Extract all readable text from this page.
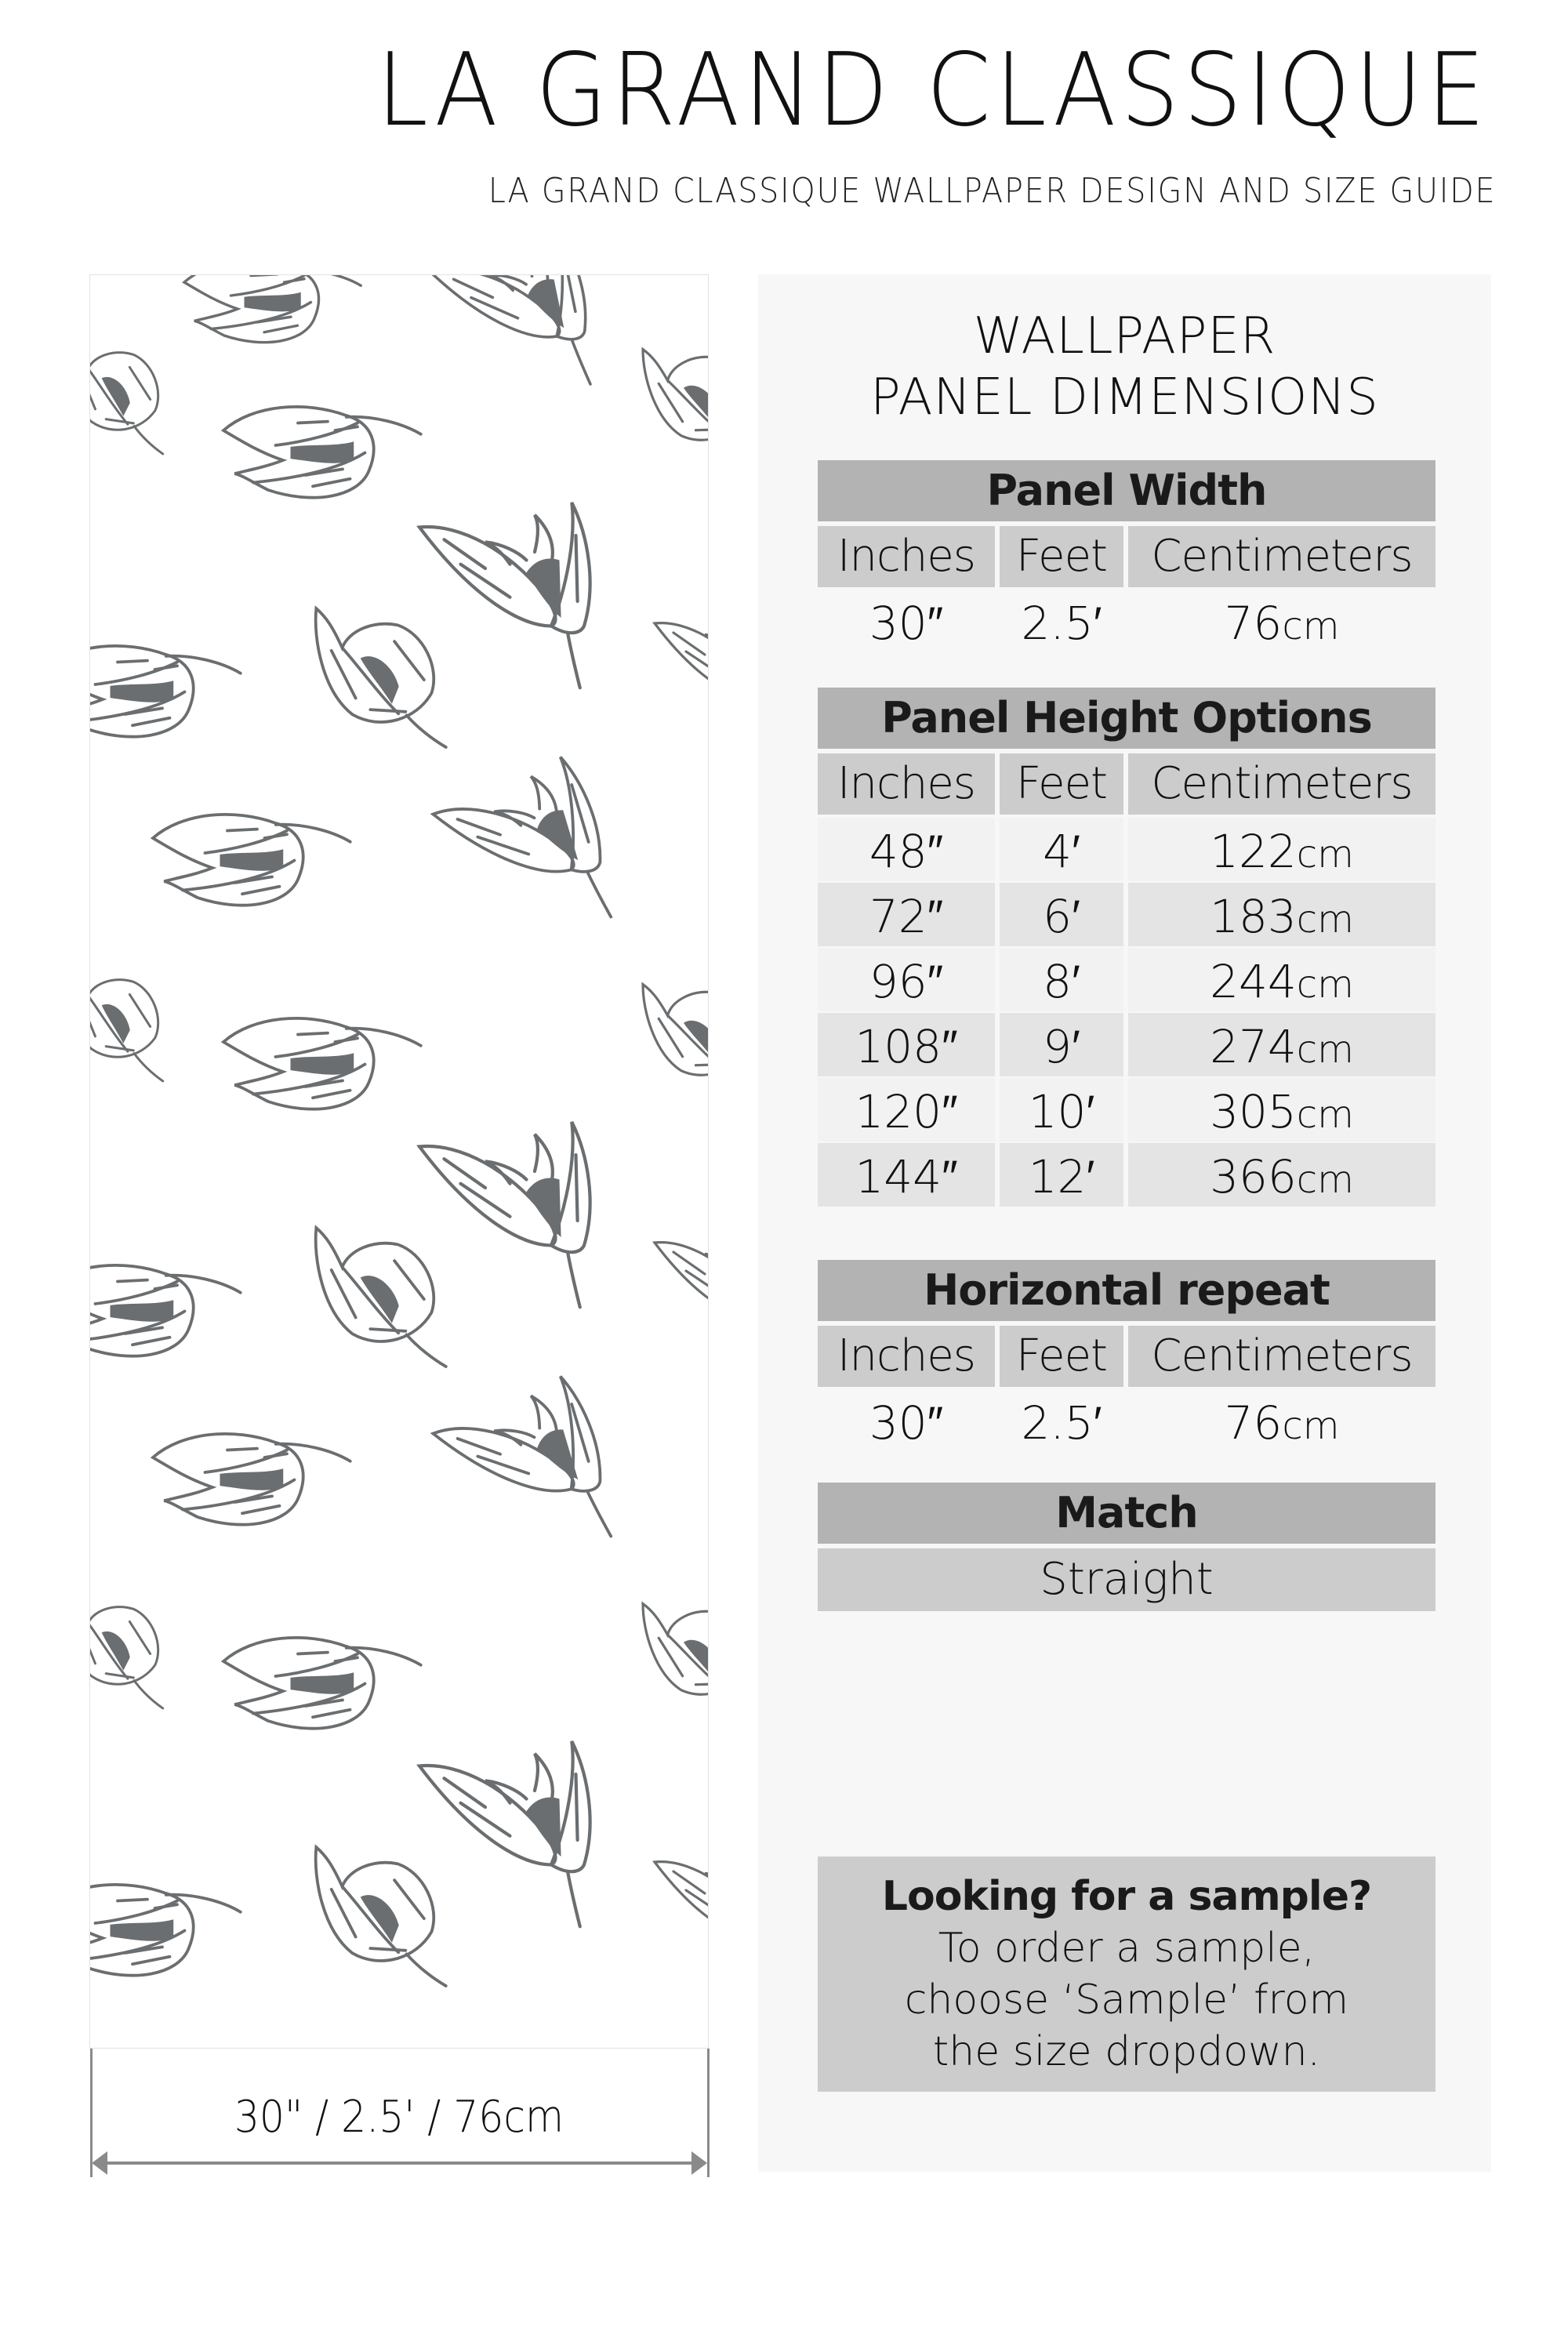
LA GRAND CLASSIQUE
LA GRAND CLASSIQUE WALLPAPER DESIGN AND SIZE GUIDE
30" / 2.5' / 76cm
WALLPAPER
PANEL DIMENSIONS
Panel Width
Inches Feet	Centimeters
30″	2.5′	76cm
Panel Height Options
Inches Feet	Centimeters
48″	4′	122cm
72″	6′	183cm
96″	8′	244cm
108″	9′	274cm
120″	10′	305cm
144″	12′	366cm
Horizontal repeat
Inches Feet	Centimeters
30″	2.5′	76cm
Match
Straight
Looking for a sample?
To order a sample, choose ‘Sample’ from the size dropdown.
